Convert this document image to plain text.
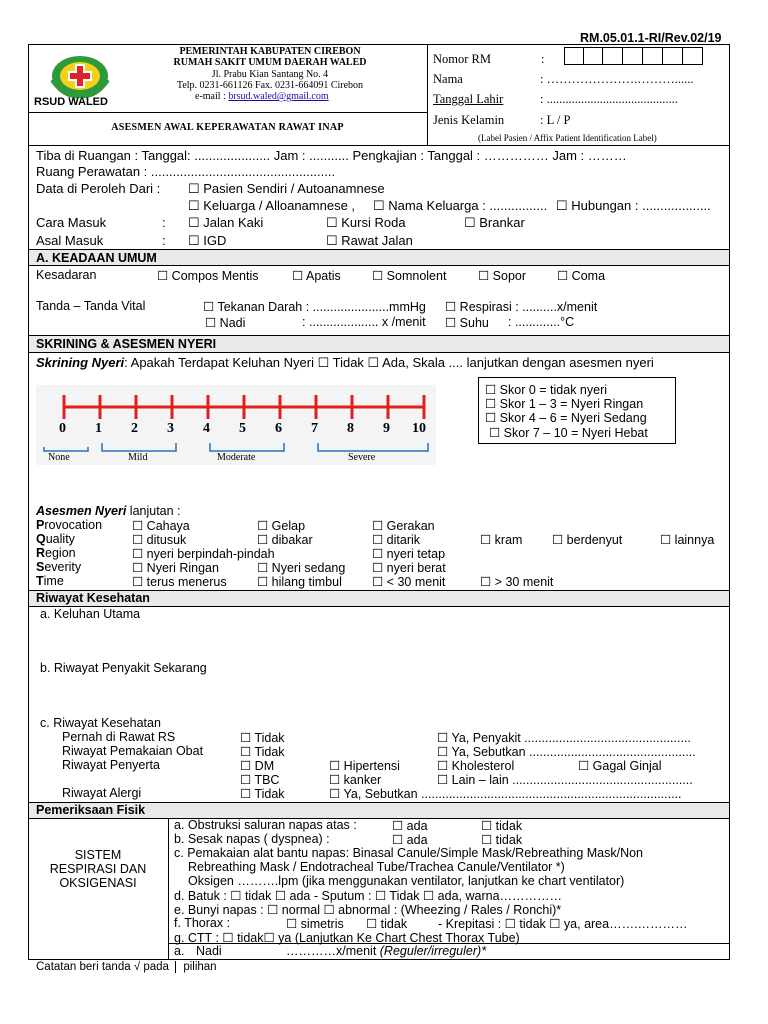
RM.05.01.1-RI/Rev.02/19
RSUD WALED
PEMERINTAH KABUPATEN CIREBON
RUMAH SAKIT UMUM DAERAH WALED
Jl. Prabu Kian Santang No. 4
Telp. 0231-661126 Fax. 0231-664091 Cirebon
e-mail : brsud.waled@gmail.com
ASESMEN AWAL KEPERAWATAN RAWAT INAP
Nomor RM	:
Nama	: ………………….………......
Tanggal Lahir	: ..........................................
Jenis Kelamin	: L / P
(Label Pasien / Affix Patient Identification Label)
Tiba di Ruangan : Tanggal: ..................... Jam : ........... Pengkajian : Tanggal : …………… Jam : ………
Ruang Perawatan : ...................................................
Data di Peroleh Dari : ☐ Pasien Sendiri / Autoanamnese
☐ Keluarga / Alloanamnese , ☐ Nama Keluarga : ................ ☐ Hubungan : ...................
Cara Masuk	: ☐ Jalan Kaki	☐ Kursi Roda	☐ Brankar
Asal Masuk	: ☐ IGD	☐ Rawat Jalan
A. KEADAAN UMUM
Kesadaran	☐ Compos Mentis	☐ Apatis	☐ Somnolent	☐ Sopor ☐ Coma
Tanda – Tanda Vital	☐ Tekanan Darah : ......................mmHg ☐ Respirasi : ..........x/menit
☐ Nadi	: .................... x /menit ☐ Suhu : .............°C
SKRINING & ASESMEN NYERI
Skrining Nyeri: Apakah Terdapat Keluhan Nyeri ☐ Tidak ☐ Ada, Skala .... lanjutkan dengan asesmen nyeri
0 1 2 3 4 5 6 7 8 9 10
None	Mild	Moderate	Severe
☐ Skor 0 = tidak nyeri
☐ Skor 1 – 3 = Nyeri Ringan
☐ Skor 4 – 6 = Nyeri Sedang
☐ Skor 7 – 10 = Nyeri Hebat
Asesmen Nyeri lanjutan :
Provocation ☐ Cahaya	☐ Gelap	☐ Gerakan
Quality	☐ ditusuk	☐ dibakar	☐ ditarik	☐ kram ☐ berdenyut	☐ lainnya
Region	☐ nyeri berpindah-pindah	☐ nyeri tetap
Severity	☐ Nyeri Ringan	☐ Nyeri sedang ☐ nyeri berat
Time	☐ terus menerus ☐ hilang timbul ☐ < 30 menit	☐ > 30 menit
Riwayat Kesehatan
a. Keluhan Utama
b. Riwayat Penyakit Sekarang
c. Riwayat Kesehatan
Pernah di Rawat RS	☐ Tidak	☐ Ya, Penyakit ................................................
Riwayat Pemakaian Obat	☐ Tidak	☐ Ya, Sebutkan ................................................
Riwayat Penyerta	☐ DM	☐ Hipertensi	☐ Kholesterol	☐ Gagal Ginjal
☐ TBC	☐ kanker	☐ Lain – lain ....................................................
Riwayat Alergi	☐ Tidak	☐ Ya, Sebutkan ...........................................................................
Pemeriksaan Fisik
SISTEM
RESPIRASI DAN
OKSIGENASI
a. Obstruksi saluran napas atas :	☐ ada	☐ tidak
b. Sesak napas ( dyspnea) :	☐ ada	☐ tidak
c. Pemakaian alat bantu napas: Binasal Canule/Simple Mask/Rebreathing Mask/Non
Rebreathing Mask / Endotracheal Tube/Trachea Canule/Ventilator *)
Oksigen ……….lpm (jika menggunakan ventilator, lanjutkan ke chart ventilator)
d. Batuk : ☐ tidak ☐ ada - Sputum : ☐ Tidak ☐ ada, warna……………
e. Bunyi napas : ☐ normal ☐ abnormal : (Wheezing / Rales / Ronchi)*
f. Thorax :	☐ simetris ☐ tidak - Krepitasi : ☐ tidak ☐ ya, area…….…………
g. CTT : ☐ tidak☐ ya (Lanjutkan Ke Chart Chest Thorax Tube)
a. Nadi	…………x/menit (Reguler/irreguler)*
Catatan beri tanda √ pada pilihan
